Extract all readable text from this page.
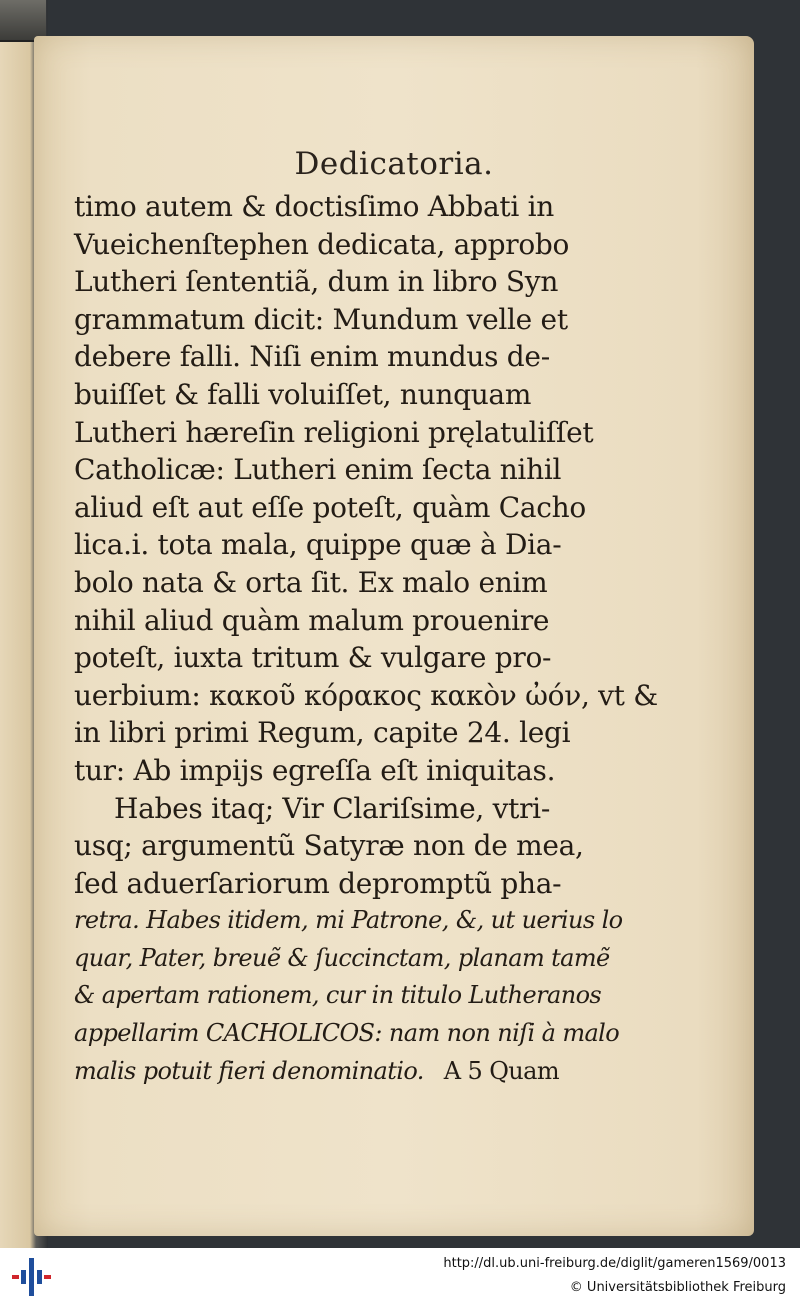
Dedicatoria.
timo autem & doctisſimo Abbati in
Vueichenſtephen dedicata, approbo
Lutheri ſententiã, dum in libro Syn
grammatum dicit: Mundum velle et
debere falli. Niſi enim mundus de-
buiſſet & falli voluiſſet, nunquam
Lutheri hæreſin religioni pręlatuliſſet
Catholicæ: Lutheri enim ſecta nihil
aliud eſt aut eſſe poteſt, quàm Cacho
lica.i. tota mala, quippe quæ à Dia-
bolo nata & orta ſit. Ex malo enim
nihil aliud quàm malum prouenire
poteſt, iuxta tritum & vulgare pro-
uerbium: κακοῦ κόρακος κακὸν ὠόν, vt &
in libri primi Regum, capite 24. legi
tur: Ab impijs egreſſa eſt iniquitas.
Habes itaq; Vir Clariſsime, vtri-
usq; argumentũ Satyræ non de mea,
ſed aduerſariorum depromptũ pha-
retra. Habes itidem, mi Patrone, &, ut uerius lo
quar, Pater, breuẽ & ſuccinctam, planam tamẽ
& apertam rationem, cur in titulo Lutheranos
appellarim CACHOLICOS: nam non niſi à malo
malis potuit fieri denominatio. A 5 Quam
http://dl.ub.uni-freiburg.de/diglit/gameren1569/0013
© Universitätsbibliothek Freiburg
